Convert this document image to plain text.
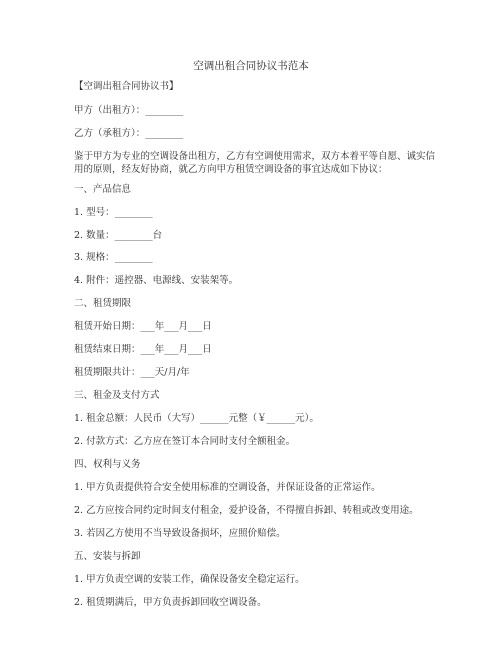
空调出租合同协议书范本
【空调出租合同协议书】
甲方（出租方）：________
乙方（承租方）：________
鉴于甲方为专业的空调设备出租方，乙方有空调使用需求，双方本着平等自愿、诚实信用的原则，经友好协商，就乙方向甲方租赁空调设备的事宜达成如下协议：
一、产品信息
1. 型号：________
2. 数量：________台
3. 规格：________
4. 附件：遥控器、电源线、安装架等。
二、租赁期限
租赁开始日期：___年___月___日
租赁结束日期：___年___月___日
租赁期限共计：___天/月/年
三、租金及支付方式
1. 租金总额：人民币（大写）______元整（￥______元）。
2. 付款方式：乙方应在签订本合同时支付全额租金。
四、权利与义务
1. 甲方负责提供符合安全使用标准的空调设备，并保证设备的正常运作。
2. 乙方应按合同约定时间支付租金，爱护设备，不得擅自拆卸、转租或改变用途。
3. 若因乙方使用不当导致设备损坏，应照价赔偿。
五、安装与拆卸
1. 甲方负责空调的安装工作，确保设备安全稳定运行。
2. 租赁期满后，甲方负责拆卸回收空调设备。
